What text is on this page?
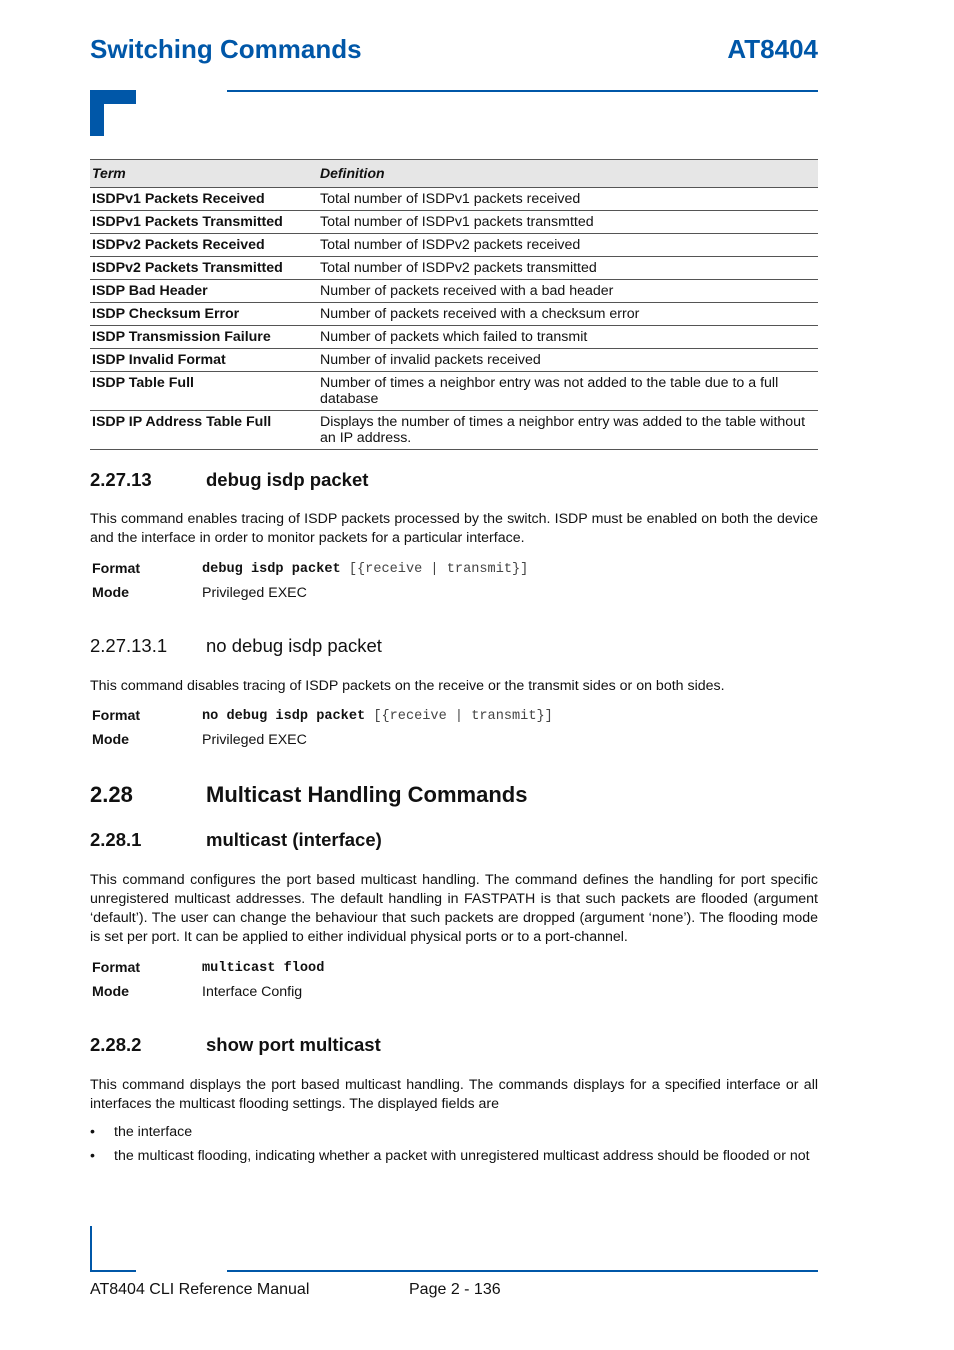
Switching Commands	AT8404
Term	Definition
ISDPv1 Packets Received	Total number of ISDPv1 packets received
ISDPv1 Packets Transmitted	Total number of ISDPv1 packets transmtted
ISDPv2 Packets Received	Total number of ISDPv2 packets received
ISDPv2 Packets Transmitted	Total number of ISDPv2 packets transmitted
ISDP Bad Header	Number of packets received with a bad header
ISDP Checksum Error	Number of packets received with a checksum error
ISDP Transmission Failure	Number of packets which failed to transmit
ISDP Invalid Format	Number of invalid packets received
ISDP Table Full	Number of times a neighbor entry was not added to the table due to a full database
ISDP IP Address Table Full	Displays the number of times a neighbor entry was added to the table without an IP address.
2.27.13	debug isdp packet
This command enables tracing of ISDP packets processed by the switch. ISDP must be enabled on both the device and the interface in order to monitor packets for a particular interface.
Format	debug isdp packet [{receive | transmit}]
Mode	Privileged EXEC
2.27.13.1 no debug isdp packet
This command disables tracing of ISDP packets on the receive or the transmit sides or on both sides.
Format	no debug isdp packet [{receive | transmit}]
Mode	Privileged EXEC
2.28	Multicast Handling Commands
2.28.1	multicast (interface)
This command configures the port based multicast handling. The command defines the handling for port specific unregistered multicast addresses. The default handling in FASTPATH is that such packets are flooded (argument ‘default’). The user can change the behaviour that such packets are dropped (argument ‘none’). The flooding mode is set per port. It can be applied to either individual physical ports or to a port-channel.
Format	multicast flood
Mode	Interface Config
2.28.2	show port multicast
This command displays the port based multicast handling. The commands displays for a specified interface or all interfaces the multicast flooding settings. The displayed fields are
• the interface
• the multicast flooding, indicating whether a packet with unregistered multicast address should be flooded or not
AT8404 CLI Reference Manual	Page 2 - 136
